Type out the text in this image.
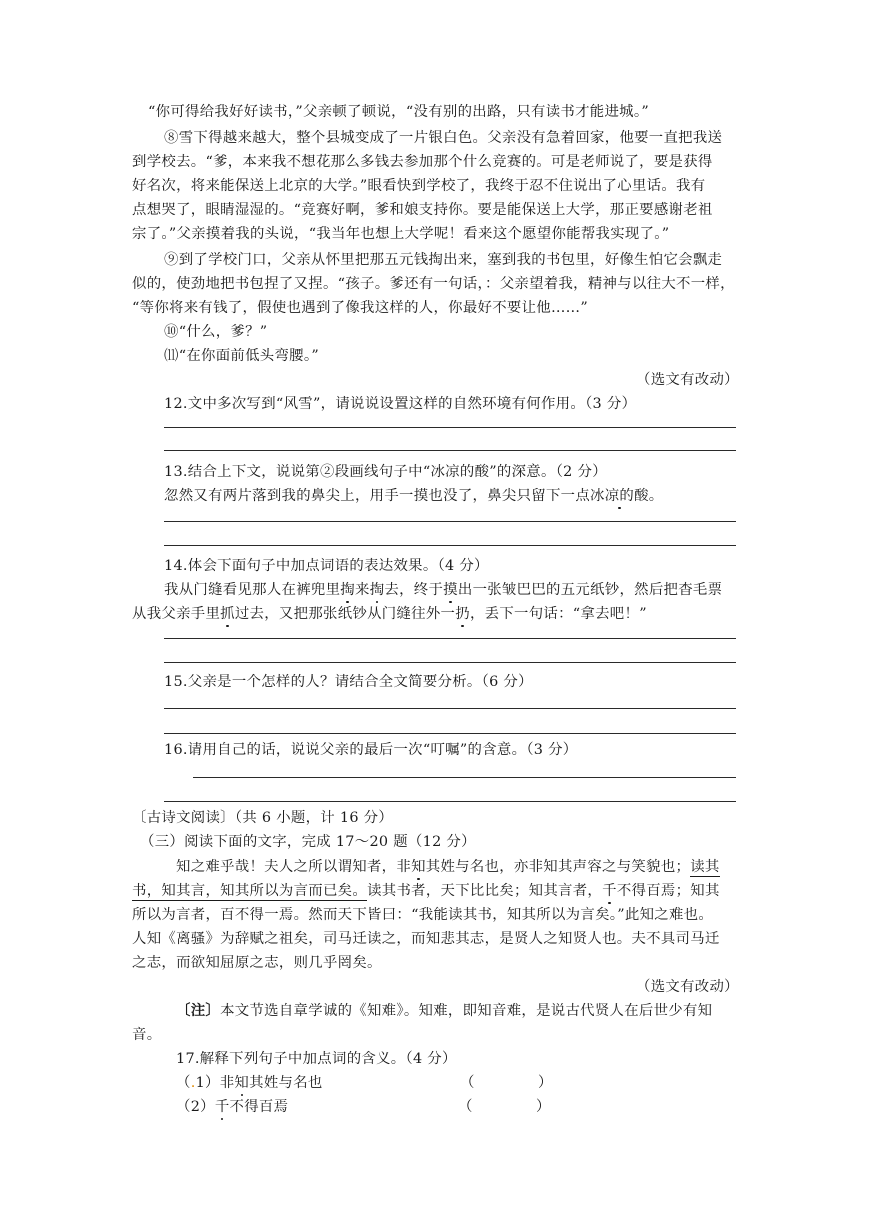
“你可得给我好好读书，”父亲顿了顿说，“没有别的出路，只有读书才能进城。”
⑧雪下得越来越大，整个县城变成了一片银白色。父亲没有急着回家，他要一直把我送
到学校去。“爹，本来我不想花那么多钱去参加那个什么竞赛的。可是老师说了，要是获得
好名次，将来能保送上北京的大学。”眼看快到学校了，我终于忍不住说出了心里话。我有
点想哭了，眼睛湿湿的。“竞赛好啊，爹和娘支持你。要是能保送上大学，那正要感谢老祖
宗了。”父亲摸着我的头说，“我当年也想上大学呢！看来这个愿望你能帮我实现了。”
⑨到了学校门口，父亲从怀里把那五元钱掏出来，塞到我的书包里，好像生怕它会飘走
似的，使劲地把书包捏了又捏。“孩子。爹还有一句话，：父亲望着我，精神与以往大不一样，
“等你将来有钱了，假使也遇到了像我这样的人，你最好不要让他……”
⑩“什么，爹？”
⑾“在你面前低头弯腰。”
（选文有改动）
12.文中多次写到“风雪”，请说说设置这样的自然环境有何作用。（3 分）
13.结合上下文，说说第②段画线句子中“冰凉的酸”的深意。（2 分）
忽然又有两片落到我的鼻尖上，用手一摸也没了，鼻尖只留下一点冰凉的酸。
14.体会下面句子中加点词语的表达效果。（4 分）
我从门缝看见那人在裤兜里掏来掏去，终于摸出一张皱巴巴的五元纸钞，然后把杳毛票
从我父亲手里抓过去，又把那张纸钞从门缝往外一扔，丢下一句话：“拿去吧！”
15.父亲是一个怎样的人？请结合全文简要分析。（6 分）
16.请用自己的话，说说父亲的最后一次“叮嘱”的含意。（3 分）
〔古诗文阅读〕（共 6 小题，计 16 分）
（三）阅读下面的文字，完成 17～20 题（12 分）
知之难乎哉！夫人之所以谓知者，非知其姓与名也，亦非知其声容之与笑貌也；读其
书，知其言，知其所以为言而已矣。读其书者，天下比比矣；知其言者，千不得百焉；知其
所以为言者，百不得一焉。然而天下皆曰：“我能读其书，知其所以为言矣。”此知之难也。
人知《离骚》为辞赋之祖矣，司马迁读之，而知悲其志，是贤人之知贤人也。夫不具司马迁
之志，而欲知屈原之志，则几乎罔矣。
（选文有改动）
〔注〕本文节选自章学诚的《知难》。知难，即知音难，是说古代贤人在后世少有知
音。
17.解释下列句子中加点词的含义。（4 分）
（.1）非知其姓与名也	（	）
（2）千不得百焉	（	）
